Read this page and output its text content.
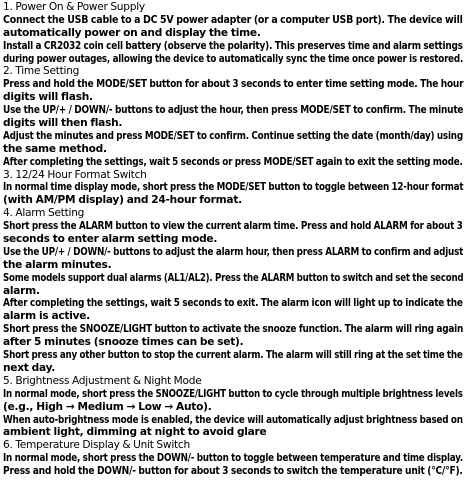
1. Power On & Power Supply
Connect the USB cable to a DC 5V power adapter (or a computer USB port). The device will
automatically power on and display the time.
Install a CR2032 coin cell battery (observe the polarity). This preserves time and alarm settings
during power outages, allowing the device to automatically sync the time once power is restored.
2. Time Setting
Press and hold the MODE/SET button for about 3 seconds to enter time setting mode. The hour
digits will flash.
Use the UP/+ / DOWN/- buttons to adjust the hour, then press MODE/SET to confirm. The minute
digits will then flash.
Adjust the minutes and press MODE/SET to confirm. Continue setting the date (month/day) using
the same method.
After completing the settings, wait 5 seconds or press MODE/SET again to exit the setting mode.
3. 12/24 Hour Format Switch
In normal time display mode, short press the MODE/SET button to toggle between 12-hour format
(with AM/PM display) and 24-hour format.
4. Alarm Setting
Short press the ALARM button to view the current alarm time. Press and hold ALARM for about 3
seconds to enter alarm setting mode.
Use the UP/+ / DOWN/- buttons to adjust the alarm hour, then press ALARM to confirm and adjust
the alarm minutes.
Some models support dual alarms (AL1/AL2). Press the ALARM button to switch and set the second
alarm.
After completing the settings, wait 5 seconds to exit. The alarm icon will light up to indicate the
alarm is active.
Short press the SNOOZE/LIGHT button to activate the snooze function. The alarm will ring again
after 5 minutes (snooze times can be set).
Short press any other button to stop the current alarm. The alarm will still ring at the set time the
next day.
5. Brightness Adjustment & Night Mode
In normal mode, short press the SNOOZE/LIGHT button to cycle through multiple brightness levels
(e.g., High → Medium → Low → Auto).
When auto-brightness mode is enabled, the device will automatically adjust brightness based on
ambient light, dimming at night to avoid glare
6. Temperature Display & Unit Switch
In normal mode, short press the DOWN/- button to toggle between temperature and time display.
Press and hold the DOWN/- button for about 3 seconds to switch the temperature unit (°C/°F).
